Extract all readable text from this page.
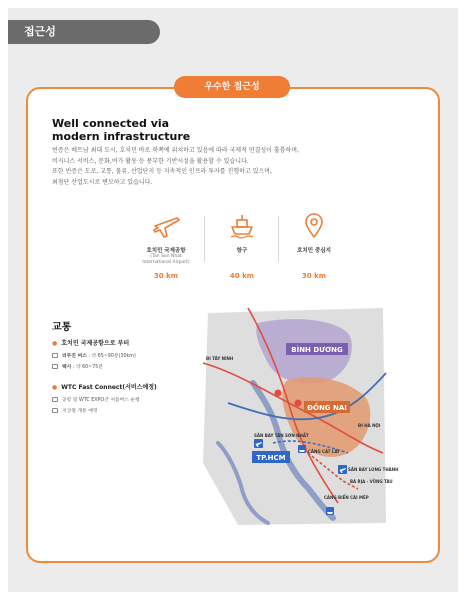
접근성
우수한 접근성
Well connected via
modern infrastructure
빈증은 베트남 최대 도시, 호치민 바로 북쪽에 위치하고 있음에 따라 국제적 연결성이 훌륭하며,
비지니스 서비스, 문화,여가 활동 등 풍부한 기반시설을 활용할 수 있습니다.
또한 빈증은 도로, 교통, 물류, 산업단지 등 지속적인 인프라 투자를 진행하고 있으며,
최첨단 산업도시로 변모하고 있습니다.
호치민 국제공항
(Tan Son Nhat
International Airport)
30 km
항구
40 km
호치민 중심지
30 km
교통
● 호치민 국제공항으로 부터
리무진 버스 : 약 65~90분(30km)
택시 : 약 60~75분
● WTC Fast Connect(서비스예정)
공항 및 WTC EXPO간 셔틀버스 운행
지상철 개통 예정
BÌNH DƯƠNG
ĐỒNG NAI
TP.HCM
SÂN BAY TÂN SƠN NHẤT
SÂN BAY LONG THÀNH
CẢNG CÁT LÁI
CẢNG BIỂN CÁI MÉP
BÀ RỊA - VŨNG TÀU
ĐI HÀ NỘI
ĐI TÂY NINH
